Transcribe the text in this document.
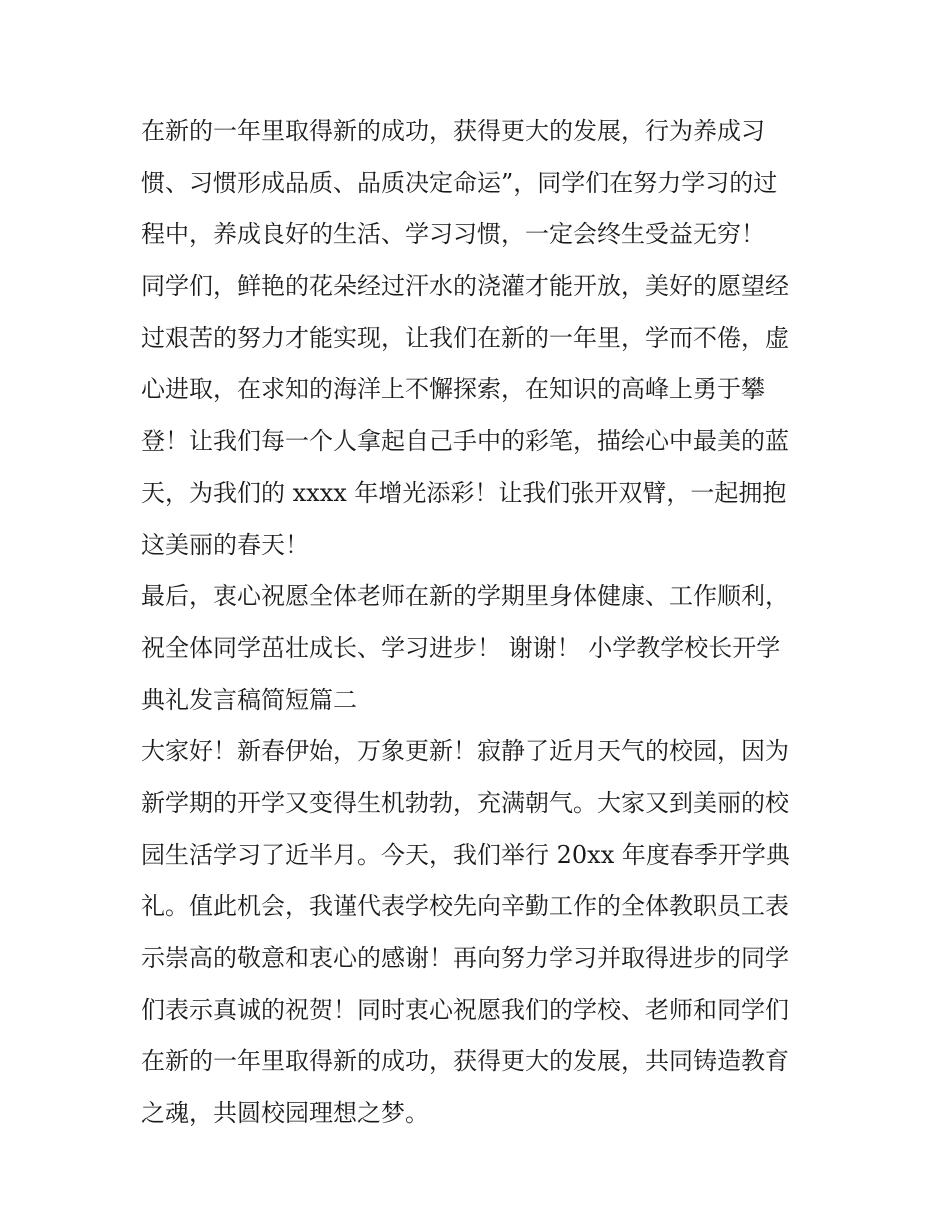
在新的一年里取得新的成功，获得更大的发展，行为养成习
惯、习惯形成品质、品质决定命运”，同学们在努力学习的过
程中，养成良好的生活、学习习惯，一定会终生受益无穷！
同学们，鲜艳的花朵经过汗水的浇灌才能开放，美好的愿望经
过艰苦的努力才能实现，让我们在新的一年里，学而不倦，虚
心进取，在求知的海洋上不懈探索，在知识的高峰上勇于攀
登！让我们每一个人拿起自己手中的彩笔，描绘心中最美的蓝
天，为我们的 xxxx 年增光添彩！让我们张开双臂，一起拥抱
这美丽的春天！
最后，衷心祝愿全体老师在新的学期里身体健康、工作顺利，
祝全体同学茁壮成长、学习进步！ 谢谢！ 小学教学校长开学
典礼发言稿简短篇二
大家好！新春伊始，万象更新！寂静了近月天气的校园，因为
新学期的开学又变得生机勃勃，充满朝气。大家又到美丽的校
园生活学习了近半月。今天，我们举行 20xx 年度春季开学典
礼。值此机会，我谨代表学校先向辛勤工作的全体教职员工表
示崇高的敬意和衷心的感谢！再向努力学习并取得进步的同学
们表示真诚的祝贺！同时衷心祝愿我们的学校、老师和同学们
在新的一年里取得新的成功，获得更大的发展，共同铸造教育
之魂，共圆校园理想之梦。
